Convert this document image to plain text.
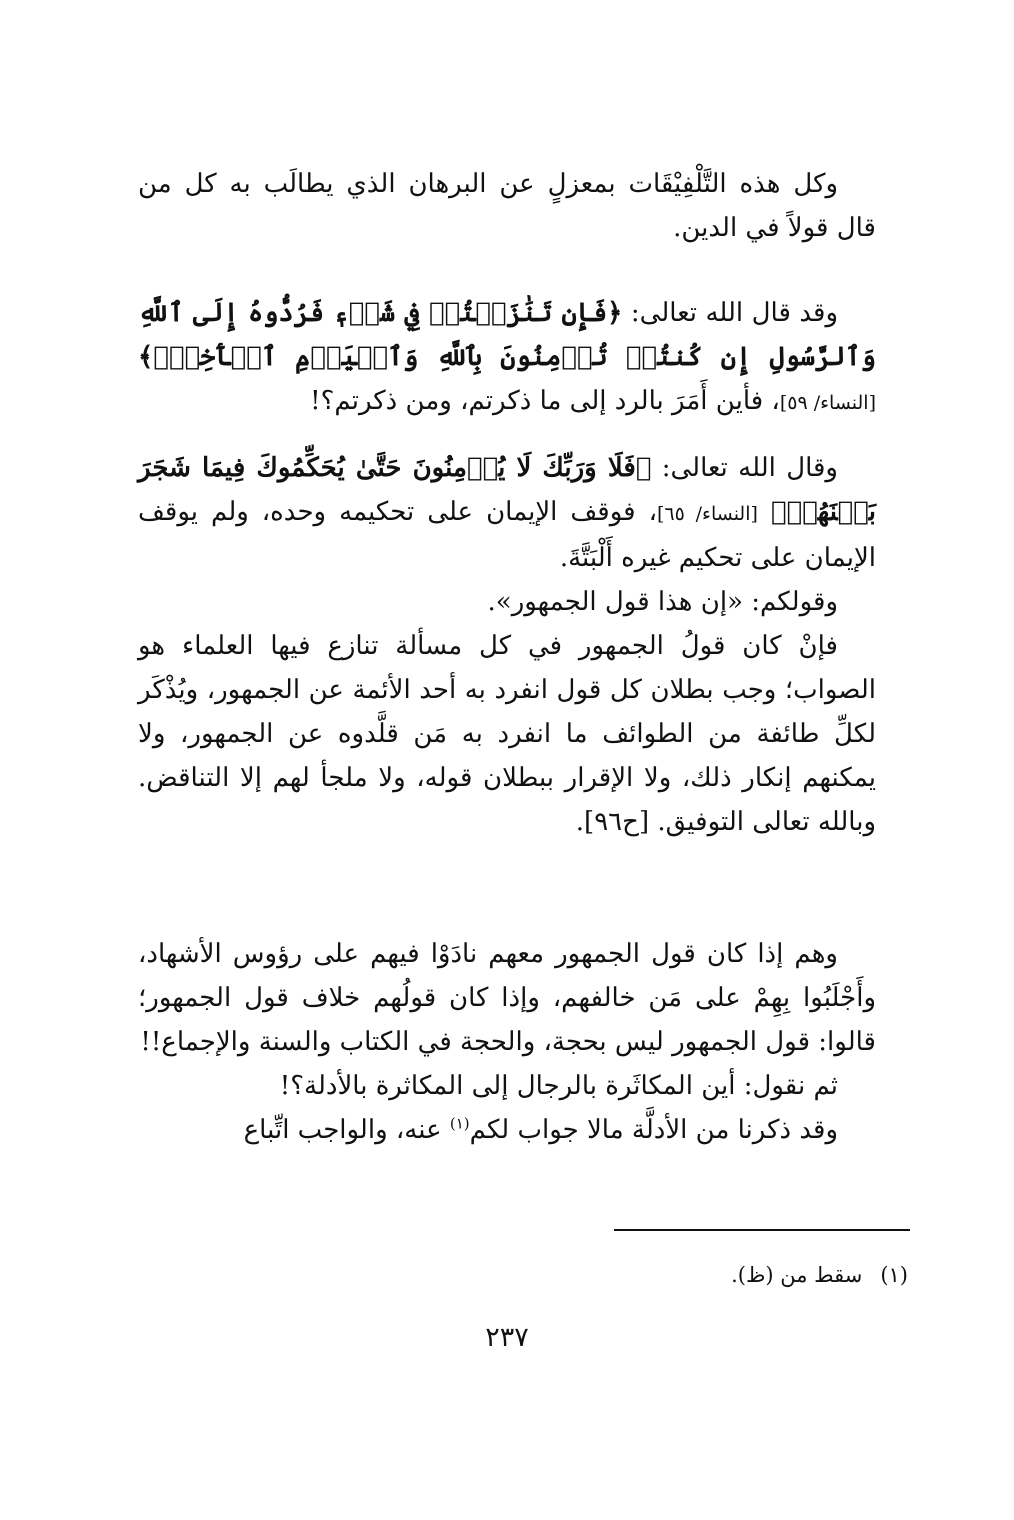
وكل هذه التَّلْفِيْقَات بمعزلٍ عن البرهان الذي يطالَب به كل من قال قولاً في الدين.

وقد قال الله تعالى: ﴿فَإِن تَنَٰزَعۡتُمۡ فِي شَيۡءٖ فَرُدُّوهُ إِلَى ٱللَّهِ وَٱلرَّسُولِ إِن كُنتُمۡ تُؤۡمِنُونَ بِٱللَّهِ وَٱلۡيَوۡمِ ٱلۡأٓخِرِۚ﴾ [النساء/ ٥٩]، فأين أَمَرَ بالرد إلى ما ذكرتم، ومن ذكرتم؟!

وقال الله تعالى: ﴿فَلَا وَرَبِّكَ لَا يُؤۡمِنُونَ حَتَّىٰ يُحَكِّمُوكَ فِيمَا شَجَرَ بَيۡنَهُمۡ﴾ [النساء/ ٦٥]، فوقف الإيمان على تحكيمه وحده، ولم يوقف الإيمان على تحكيم غيره أَلْبَتَّةَ.

وقولكم: «إن هذا قول الجمهور».

فإنْ كان قولُ الجمهور في كل مسألة تنازع فيها العلماء هو الصواب؛ وجب بطلان كل قول انفرد به أحد الأئمة عن الجمهور، ويُذْكَر لكلِّ طائفة من الطوائف ما انفرد به مَن قلَّدوه عن الجمهور، ولا يمكنهم إنكار ذلك، ولا الإقرار ببطلان قوله، ولا ملجأ لهم إلا التناقض. وبالله تعالى التوفيق. [ح٩٦].

وهم إذا كان قول الجمهور معهم نادَوْا فيهم على رؤوس الأشهاد، وأَجْلَبُوا بِهِمْ على مَن خالفهم، وإذا كان قولُهم خلاف قول الجمهور؛ قالوا: قول الجمهور ليس بحجة، والحجة في الكتاب والسنة والإجماع!!

ثم نقول: أين المكاثَرة بالرجال إلى المكاثرة بالأدلة؟!

وقد ذكرنا من الأدلَّة مالا جواب لكم$^{(١)}$ عنه، والواجب اتِّباع

(١)سقط من (ظ).
٢٣٧
